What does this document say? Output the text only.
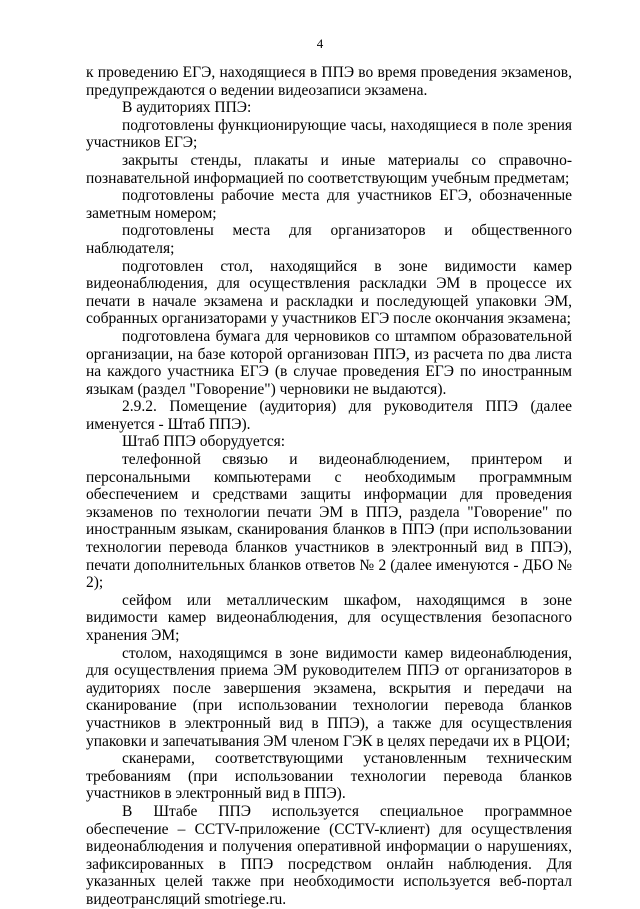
4

к проведению ЕГЭ, находящиеся в ППЭ во время проведения экзаменов, предупреждаются о ведении видеозаписи экзамена.

В аудиториях ППЭ:

подготовлены функционирующие часы, находящиеся в поле зрения участников ЕГЭ;

закрыты стенды, плакаты и иные материалы со справочно-познавательной информацией по соответствующим учебным предметам;

подготовлены рабочие места для участников ЕГЭ, обозначенные заметным номером;

подготовлены места для организаторов и общественного наблюдателя;

подготовлен стол, находящийся в зоне видимости камер видеонаблюдения, для осуществления раскладки ЭМ в процессе их печати в начале экзамена и раскладки и последующей упаковки ЭМ, собранных организаторами у участников ЕГЭ после окончания экзамена;

подготовлена бумага для черновиков со штампом образовательной организации, на базе которой организован ППЭ, из расчета по два листа на каждого участника ЕГЭ (в случае проведения ЕГЭ по иностранным языкам (раздел "Говорение") черновики не выдаются).

2.9.2. Помещение (аудитория) для руководителя ППЭ (далее именуется - Штаб ППЭ).

Штаб ППЭ оборудуется:

телефонной связью и видеонаблюдением, принтером и персональными компьютерами с необходимым программным обеспечением и средствами защиты информации для проведения экзаменов по технологии печати ЭМ в ППЭ, раздела "Говорение" по иностранным языкам, сканирования бланков в ППЭ (при использовании технологии перевода бланков участников в электронный вид в ППЭ), печати дополнительных бланков ответов № 2 (далее именуются - ДБО № 2);

сейфом или металлическим шкафом, находящимся в зоне видимости камер видеонаблюдения, для осуществления безопасного хранения ЭМ;

столом, находящимся в зоне видимости камер видеонаблюдения, для осуществления приема ЭМ руководителем ППЭ от организаторов в аудиториях после завершения экзамена, вскрытия и передачи на сканирование (при использовании технологии перевода бланков участников в электронный вид в ППЭ), а также для осуществления упаковки и запечатывания ЭМ членом ГЭК в целях передачи их в РЦОИ;

сканерами, соответствующими установленным техническим требованиям (при использовании технологии перевода бланков участников в электронный вид в ППЭ).

В Штабе ППЭ используется специальное программное обеспечение – CCTV-приложение (CCTV-клиент) для осуществления видеонаблюдения и получения оперативной информации о нарушениях, зафиксированных в ППЭ посредством онлайн наблюдения. Для указанных целей также при необходимости используется веб-портал видеотрансляций smotriege.ru.
